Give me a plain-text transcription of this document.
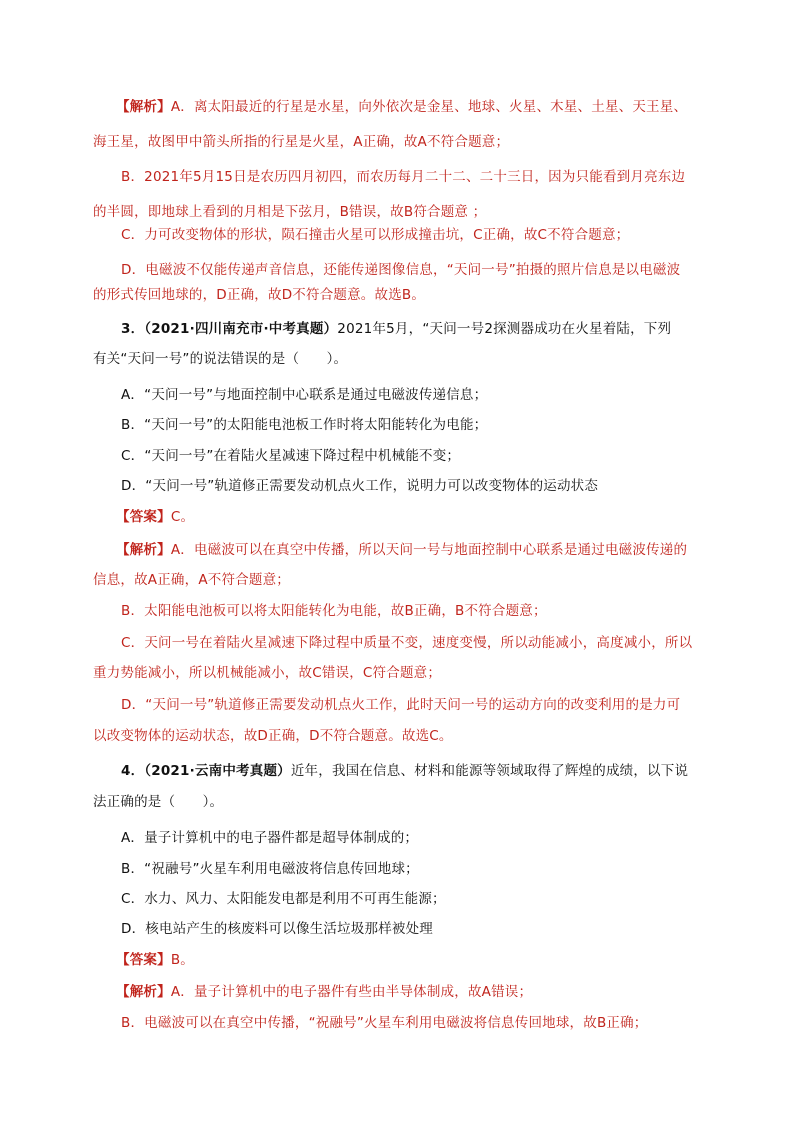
【解析】A．离太阳最近的行星是水星，向外依次是金星、地球、火星、木星、土星、天王星、
海王星，故图甲中箭头所指的行星是火星，A正确，故A不符合题意；
B．2021年5月15日是农历四月初四，而农历每月二十二、二十三日，因为只能看到月亮东边
的半圆，即地球上看到的月相是下弦月，B错误，故B符合题意 ；
C．力可改变物体的形状，陨石撞击火星可以形成撞击坑，C正确，故C不符合题意；
D．电磁波不仅能传递声音信息，还能传递图像信息，“天问一号”拍摄的照片信息是以电磁波
的形式传回地球的，D正确，故D不符合题意。故选B。
3．（2021·四川南充市·中考真题）2021年5月，“天问一号2探测器成功在火星着陆，下列
有关“天问一号”的说法错误的是（　　）。
A．“天问一号”与地面控制中心联系是通过电磁波传递信息；
B．“天问一号”的太阳能电池板工作时将太阳能转化为电能；
C．“天问一号”在着陆火星减速下降过程中机械能不变；
D．“天问一号”轨道修正需要发动机点火工作，说明力可以改变物体的运动状态
【答案】C。
【解析】A．电磁波可以在真空中传播，所以天问一号与地面控制中心联系是通过电磁波传递的
信息，故A正确，A不符合题意；
B．太阳能电池板可以将太阳能转化为电能，故B正确，B不符合题意；
C．天问一号在着陆火星减速下降过程中质量不变，速度变慢，所以动能减小，高度减小，所以
重力势能减小，所以机械能减小，故C错误，C符合题意；
D．“天问一号”轨道修正需要发动机点火工作，此时天问一号的运动方向的改变利用的是力可
以改变物体的运动状态，故D正确，D不符合题意。故选C。
4．（2021·云南中考真题）近年，我国在信息、材料和能源等领域取得了辉煌的成绩，以下说
法正确的是（　　）。
A．量子计算机中的电子器件都是超导体制成的；
B．“祝融号”火星车利用电磁波将信息传回地球；
C．水力、风力、太阳能发电都是利用不可再生能源；
D．核电站产生的核废料可以像生活垃圾那样被处理
【答案】B。
【解析】A．量子计算机中的电子器件有些由半导体制成，故A错误；
B．电磁波可以在真空中传播，“祝融号”火星车利用电磁波将信息传回地球，故B正确；
